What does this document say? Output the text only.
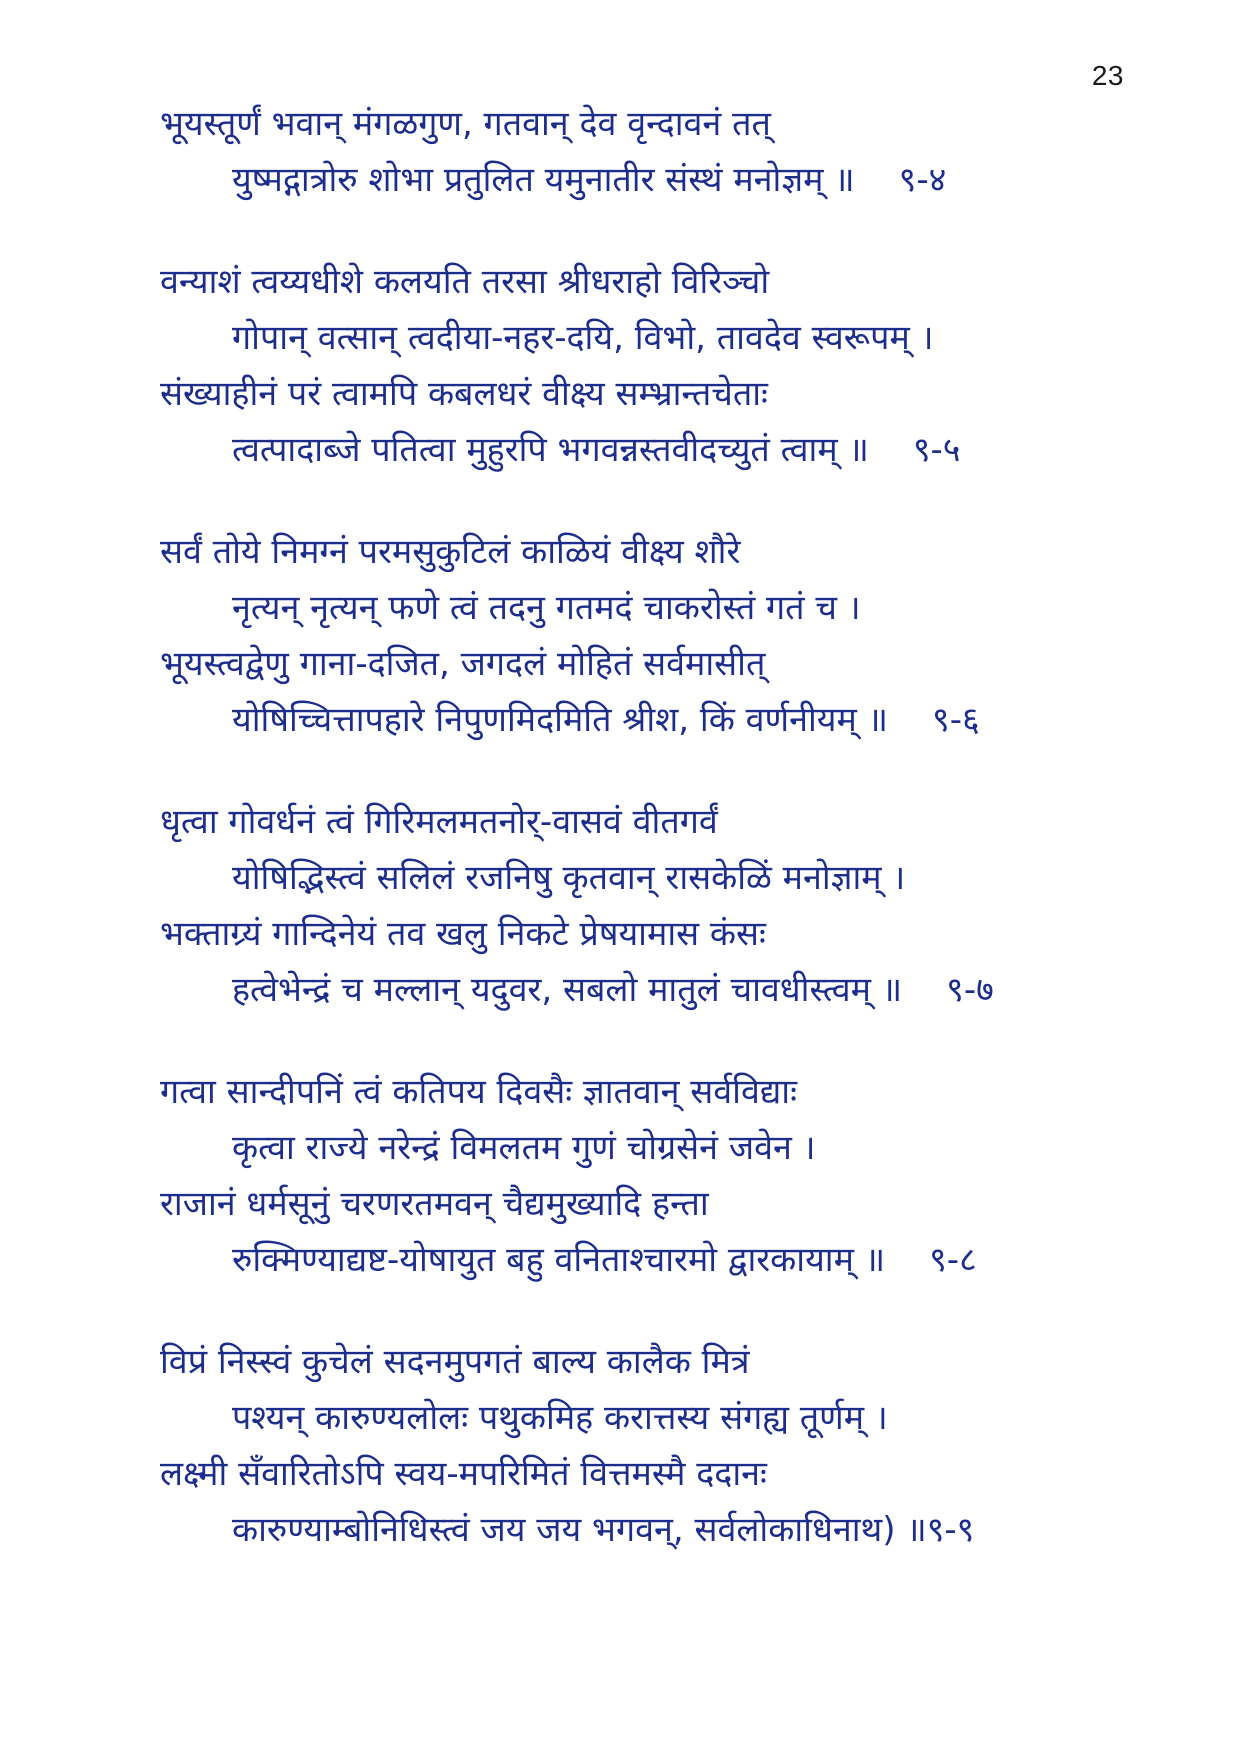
23
भूयस्तूर्णं भवान् मंगळगुण, गतवान् देव वृन्दावनं तत्
युष्मद्गात्रोरु शोभा प्रतुलित यमुनातीर संस्थं मनोज्ञम् ॥ ९-४
वन्याशं त्वय्यधीशे कलयति तरसा श्रीधराहो विरिञ्चो
गोपान् वत्सान् त्वदीया-नहर-दयि, विभो, तावदेव स्वरूपम् ।
संख्याहीनं परं त्वामपि कबलधरं वीक्ष्य सम्भ्रान्तचेताः
त्वत्पादाब्जे पतित्वा मुहुरपि भगवन्नस्तवीदच्युतं त्वाम् ॥ ९-५
सर्वं तोये निमग्नं परमसुकुटिलं काळियं वीक्ष्य शौरे
नृत्यन् नृत्यन् फणे त्वं तदनु गतमदं चाकरोस्तं गतं च ।
भूयस्त्वद्वेणु गाना-दजित, जगदलं मोहितं सर्वमासीत्
योषिच्चित्तापहारे निपुणमिदमिति श्रीश, किं वर्णनीयम् ॥ ९-६
धृत्वा गोवर्धनं त्वं गिरिमलमतनोर्-वासवं वीतगर्वं
योषिद्भिस्त्वं सलिलं रजनिषु कृतवान् रासकेळिं मनोज्ञाम् ।
भक्ताग्र्यं गान्दिनेयं तव खलु निकटे प्रेषयामास कंसः
हत्वेभेन्द्रं च मल्लान् यदुवर, सबलो मातुलं चावधीस्त्वम् ॥ ९-७
गत्वा सान्दीपनिं त्वं कतिपय दिवसैः ज्ञातवान् सर्वविद्याः
कृत्वा राज्ये नरेन्द्रं विमलतम गुणं चोग्रसेनं जवेन ।
राजानं धर्मसूनुं चरणरतमवन् चैद्यमुख्यादि हन्ता
रुक्मिण्याद्यष्ट-योषायुत बहु वनिताश्चारमो द्वारकायाम् ॥ ९-८
विप्रं निस्स्वं कुचेलं सदनमुपगतं बाल्य कालैक मित्रं
पश्यन् कारुण्यलोलः पथुकमिह करात्तस्य संगह्य तूर्णम् ।
लक्ष्मी सँवारितोऽपि स्वय-मपरिमितं वित्तमस्मै ददानः
कारुण्याम्बोनिधिस्त्वं जय जय भगवन्, सर्वलोकाधिनाथ) ॥९-९
